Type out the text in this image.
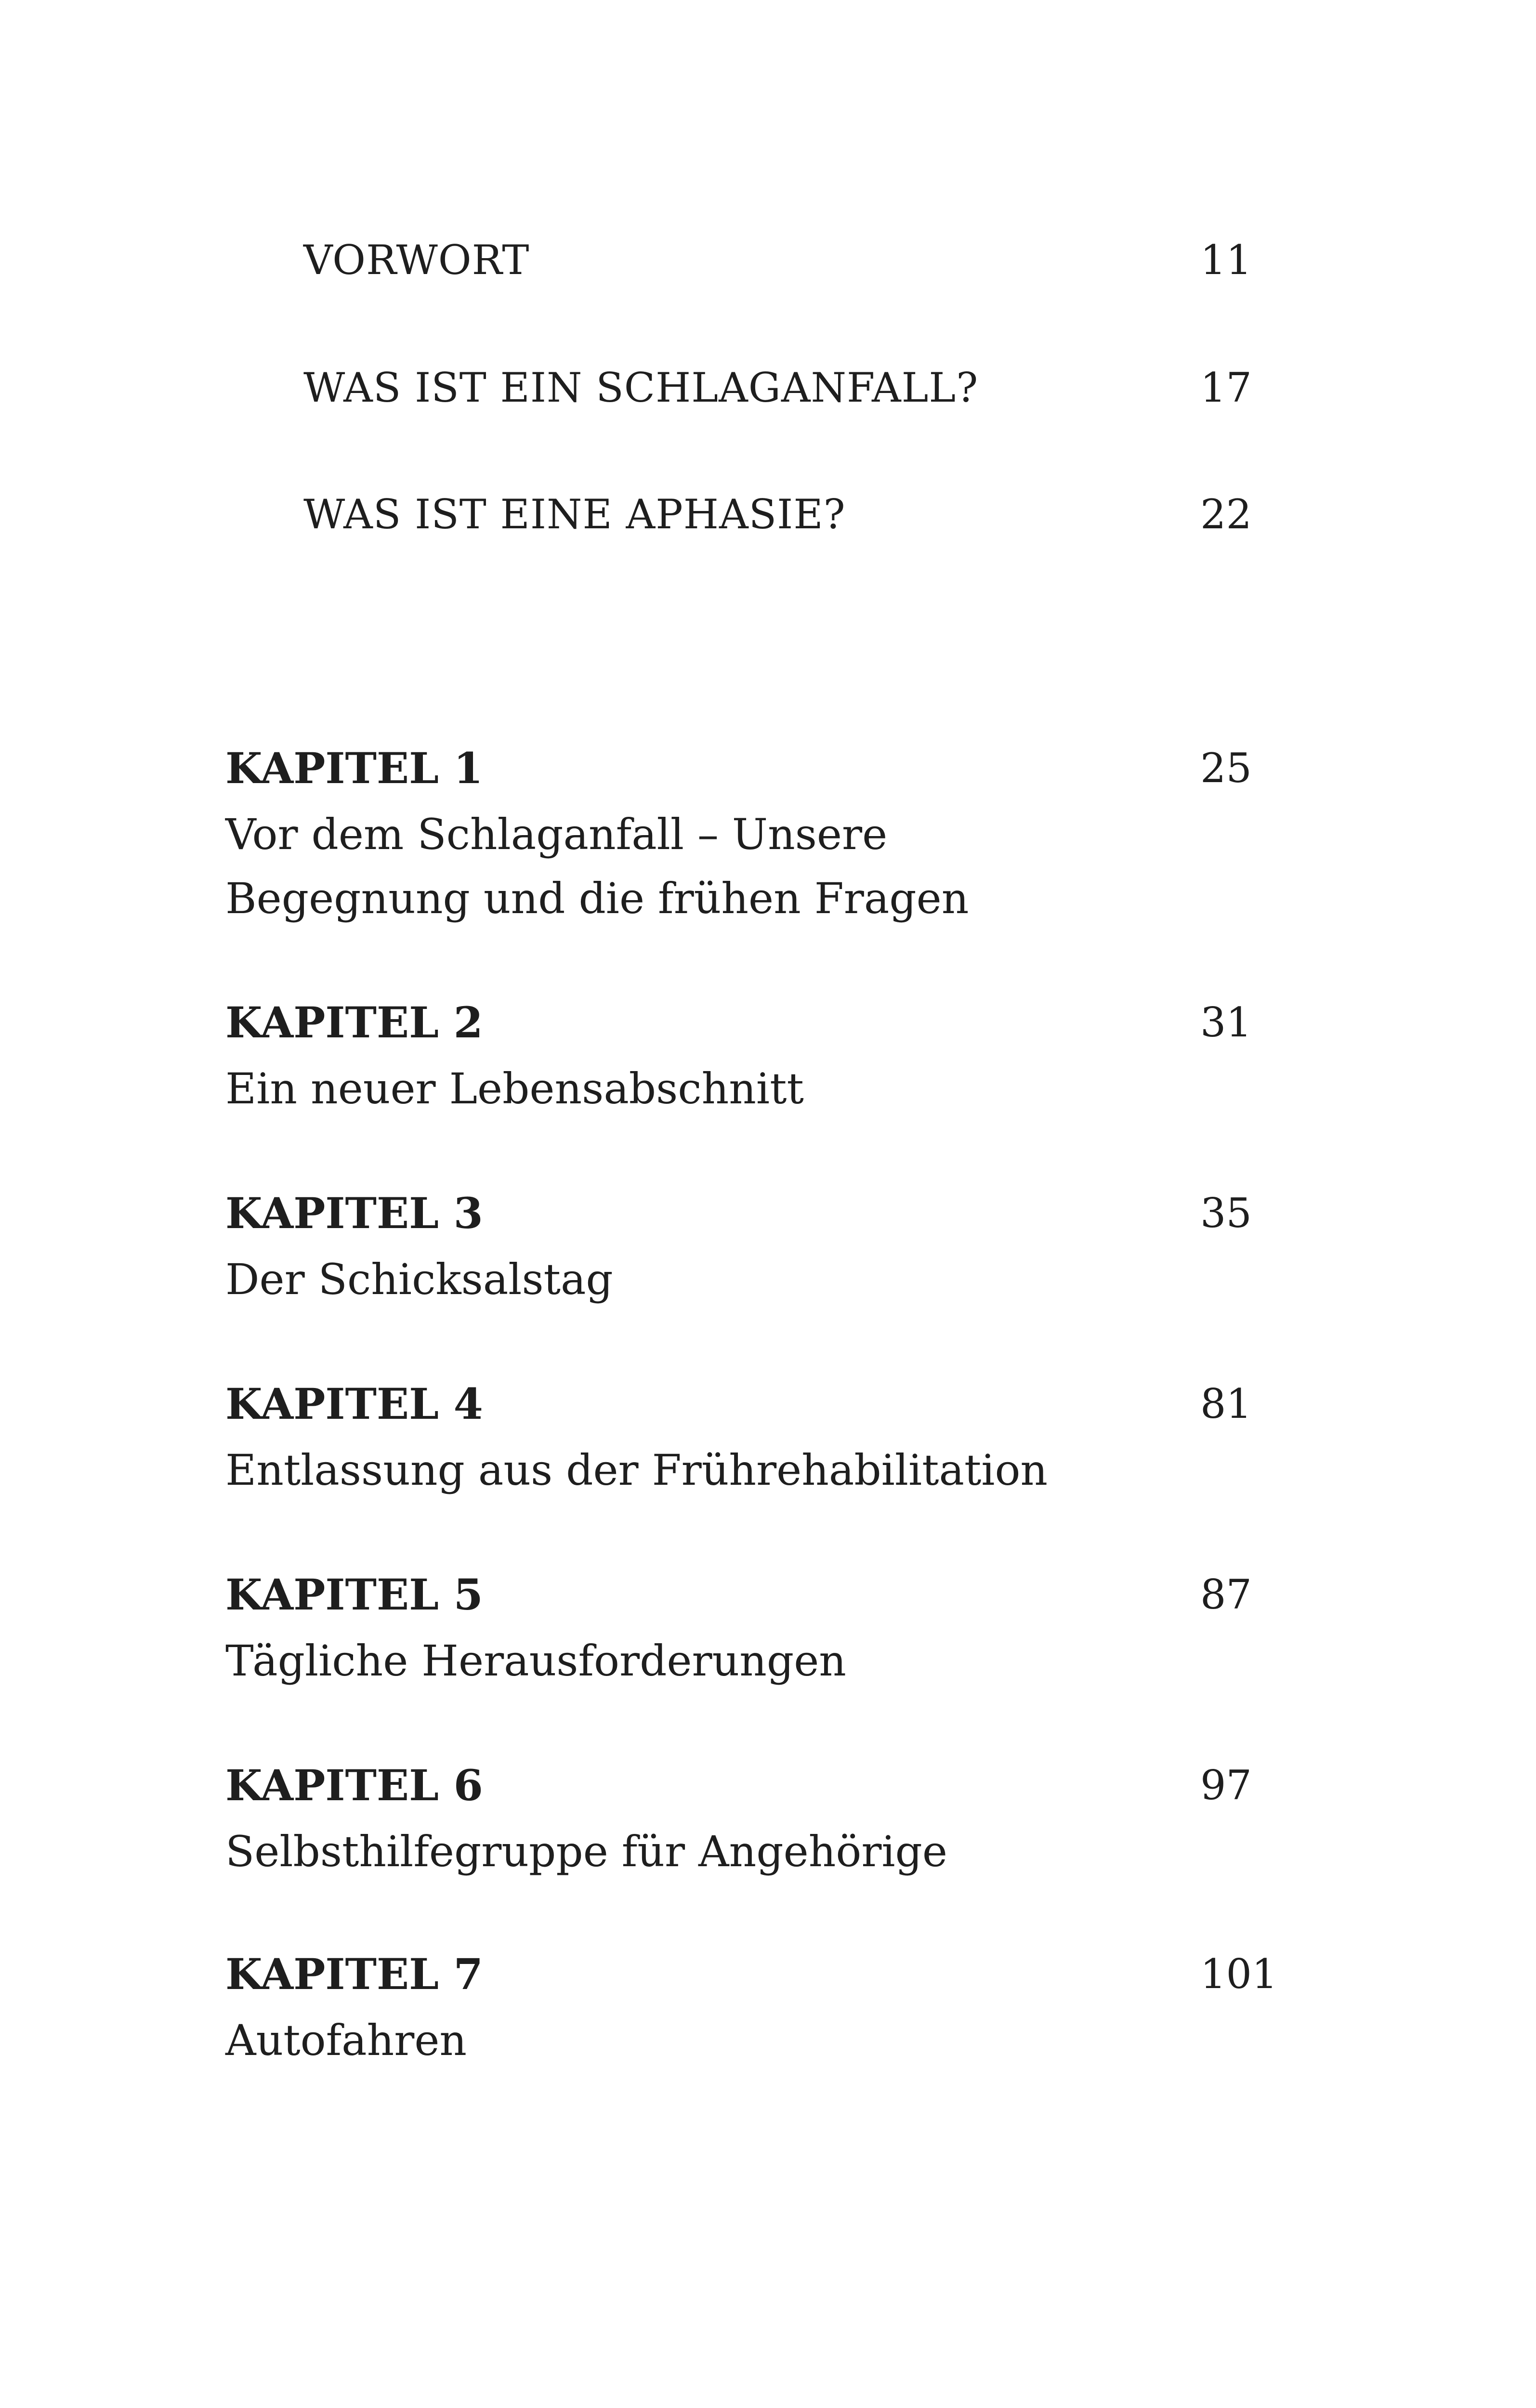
VORWORT	11
WAS IST EIN SCHLAGANFALL?	17
WAS IST EINE APHASIE?	22
KAPITEL 1	25
Vor dem Schlaganfall – Unsere Begegnung und die frühen Fragen
KAPITEL 2	31
Ein neuer Lebensabschnitt
KAPITEL 3	35
Der Schicksalstag
KAPITEL 4	81
Entlassung aus der Frührehabilitation
KAPITEL 5	87
Tägliche Herausforderungen
KAPITEL 6	97
Selbsthilfegruppe für Angehörige
KAPITEL 7	101
Autofahren
